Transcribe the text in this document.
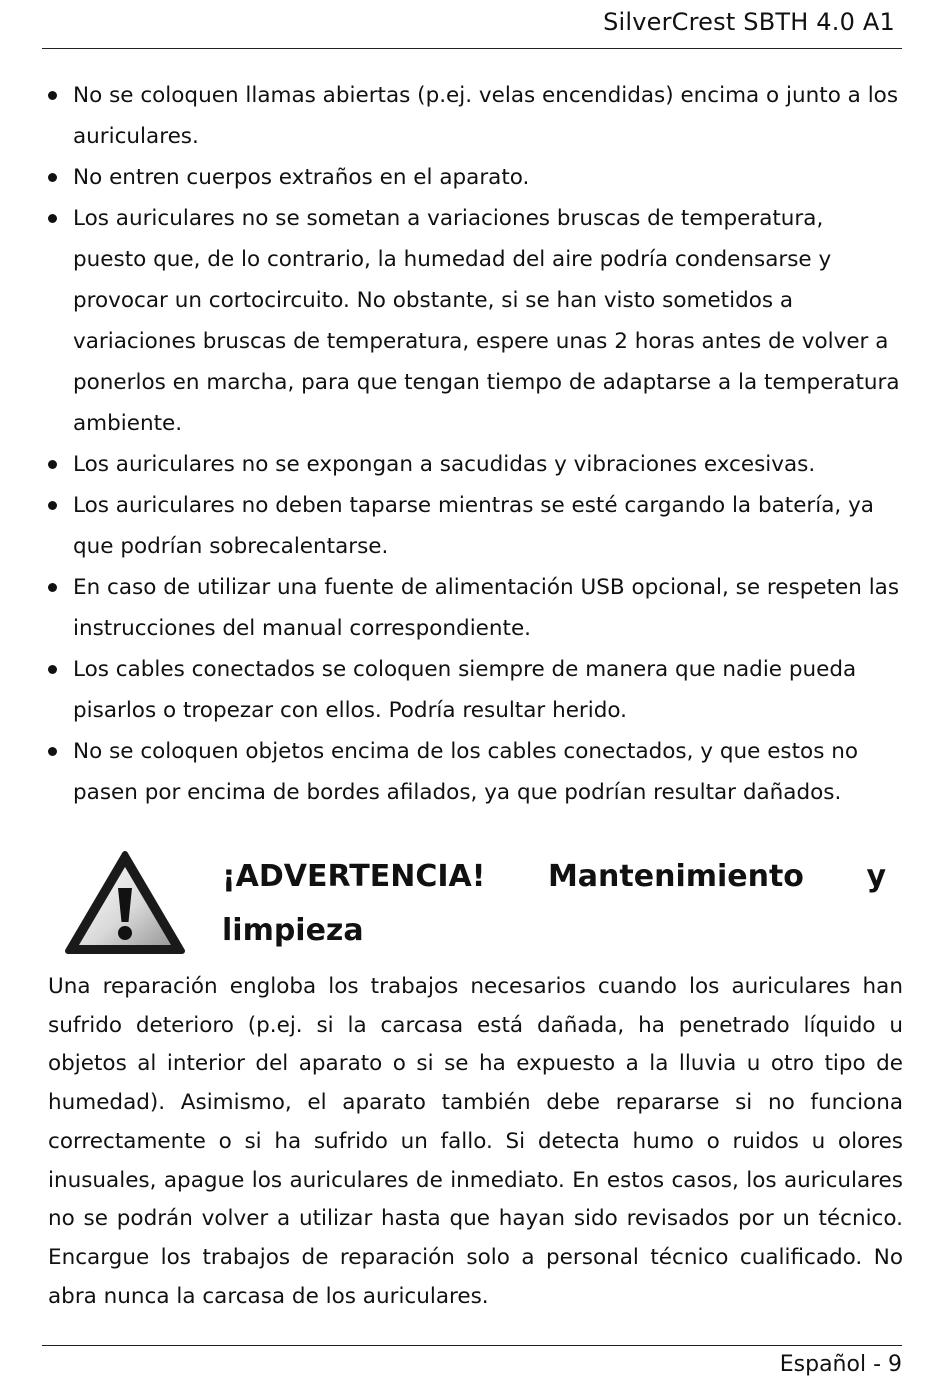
SilverCrest SBTH 4.0 A1
No se coloquen llamas abiertas (p.ej. velas encendidas) encima o junto a los auriculares.
No entren cuerpos extraños en el aparato.
Los auriculares no se sometan a variaciones bruscas de temperatura, puesto que, de lo contrario, la humedad del aire podría condensarse y provocar un cortocircuito. No obstante, si se han visto sometidos a variaciones bruscas de temperatura, espere unas 2 horas antes de volver a ponerlos en marcha, para que tengan tiempo de adaptarse a la temperatura ambiente.
Los auriculares no se expongan a sacudidas y vibraciones excesivas.
Los auriculares no deben taparse mientras se esté cargando la batería, ya que podrían sobrecalentarse.
En caso de utilizar una fuente de alimentación USB opcional, se respeten las instrucciones del manual correspondiente.
Los cables conectados se coloquen siempre de manera que nadie pueda pisarlos o tropezar con ellos. Podría resultar herido.
No se coloquen objetos encima de los cables conectados, y que estos no pasen por encima de bordes afilados, ya que podrían resultar dañados.
¡ADVERTENCIA! Mantenimiento y
limpieza

Una reparación engloba los trabajos necesarios cuando los auriculares han sufrido deterioro (p.ej. si la carcasa está dañada, ha penetrado líquido u objetos al interior del aparato o si se ha expuesto a la lluvia u otro tipo de humedad). Asimismo, el aparato también debe repararse si no funciona correctamente o si ha sufrido un fallo. Si detecta humo o ruidos u olores inusuales, apague los auriculares de inmediato. En estos casos, los auriculares no se podrán volver a utilizar hasta que hayan sido revisados por un técnico. Encargue los trabajos de reparación solo a personal técnico cualificado. No abra nunca la carcasa de los auriculares.

Español - 9
